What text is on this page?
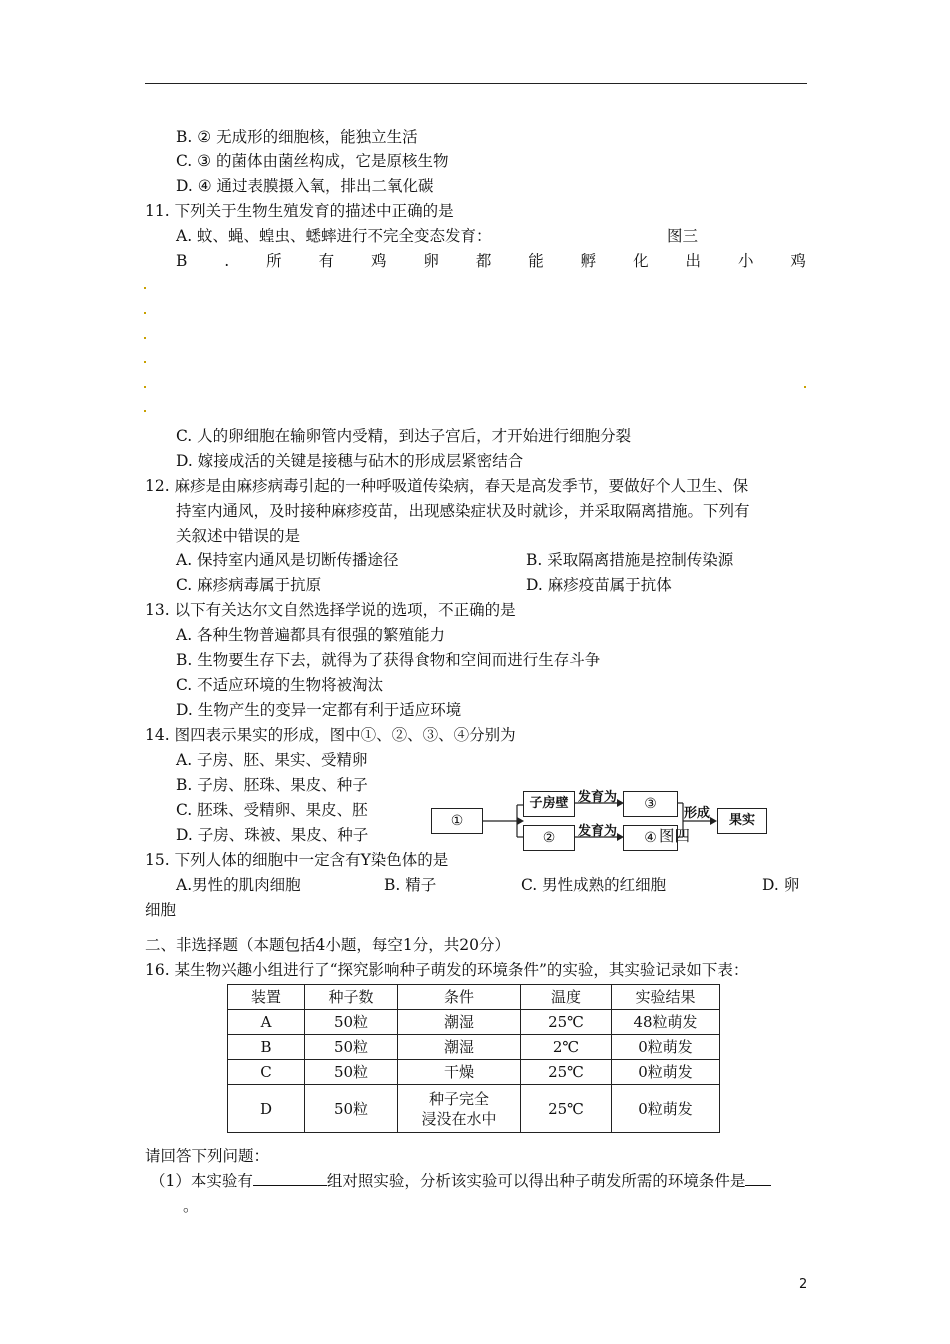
B. ② 无成形的细胞核，能独立生活
C. ③ 的菌体由菌丝构成，它是原核生物
D. ④ 通过表膜摄入氧，排出二氧化碳
11. 下列关于生物生殖发育的描述中正确的是
A. 蚊、蝇、蝗虫、蟋蟀进行不完全变态发育：	图三
B . 所 有 鸡 卵 都 能 孵 化 出 小 鸡
C. 人的卵细胞在输卵管内受精，到达子宫后，才开始进行细胞分裂
D. 嫁接成活的关键是接穗与砧木的形成层紧密结合
12. 麻疹是由麻疹病毒引起的一种呼吸道传染病，春天是高发季节，要做好个人卫生、保
持室内通风，及时接种麻疹疫苗，出现感染症状及时就诊，并采取隔离措施。下列有
关叙述中错误的是
A. 保持室内通风是切断传播途径	B. 采取隔离措施是控制传染源
C. 麻疹病毒属于抗原	D. 麻疹疫苗属于抗体
13. 以下有关达尔文自然选择学说的选项，不正确的是
A. 各种生物普遍都具有很强的繁殖能力
B. 生物要生存下去，就得为了获得食物和空间而进行生存斗争
C. 不适应环境的生物将被淘汰
D. 生物产生的变异一定都有利于适应环境
14. 图四表示果实的形成，图中①、②、③、④分别为
A. 子房、胚、果实、受精卵
B. 子房、胚珠、果皮、种子
C. 胚珠、受精卵、果皮、胚
D. 子房、珠被、果皮、种子
①
子房壁
②
③
④
果实
发育为
发育为
形成
图四
15. 下列人体的细胞中一定含有Y染色体的是
A.男性的肌肉细胞	B. 精子	C. 男性成熟的红细胞	D. 卵
细胞
二、非选择题（本题包括4小题，每空1分，共20分）
16. 某生物兴趣小组进行了“探究影响种子萌发的环境条件”的实验，其实验记录如下表：
装置	种子数	条件	温度	实验结果
A	50粒	潮湿	25℃	48粒萌发
B	50粒	潮湿	2℃	0粒萌发
C	50粒	干燥	25℃	0粒萌发
D	50粒	种子完全
浸没在水中	25℃	0粒萌发
请回答下列问题：
（1）本实验有	组对照实验，分析该实验可以得出种子萌发所需的环境条件是
。
2
